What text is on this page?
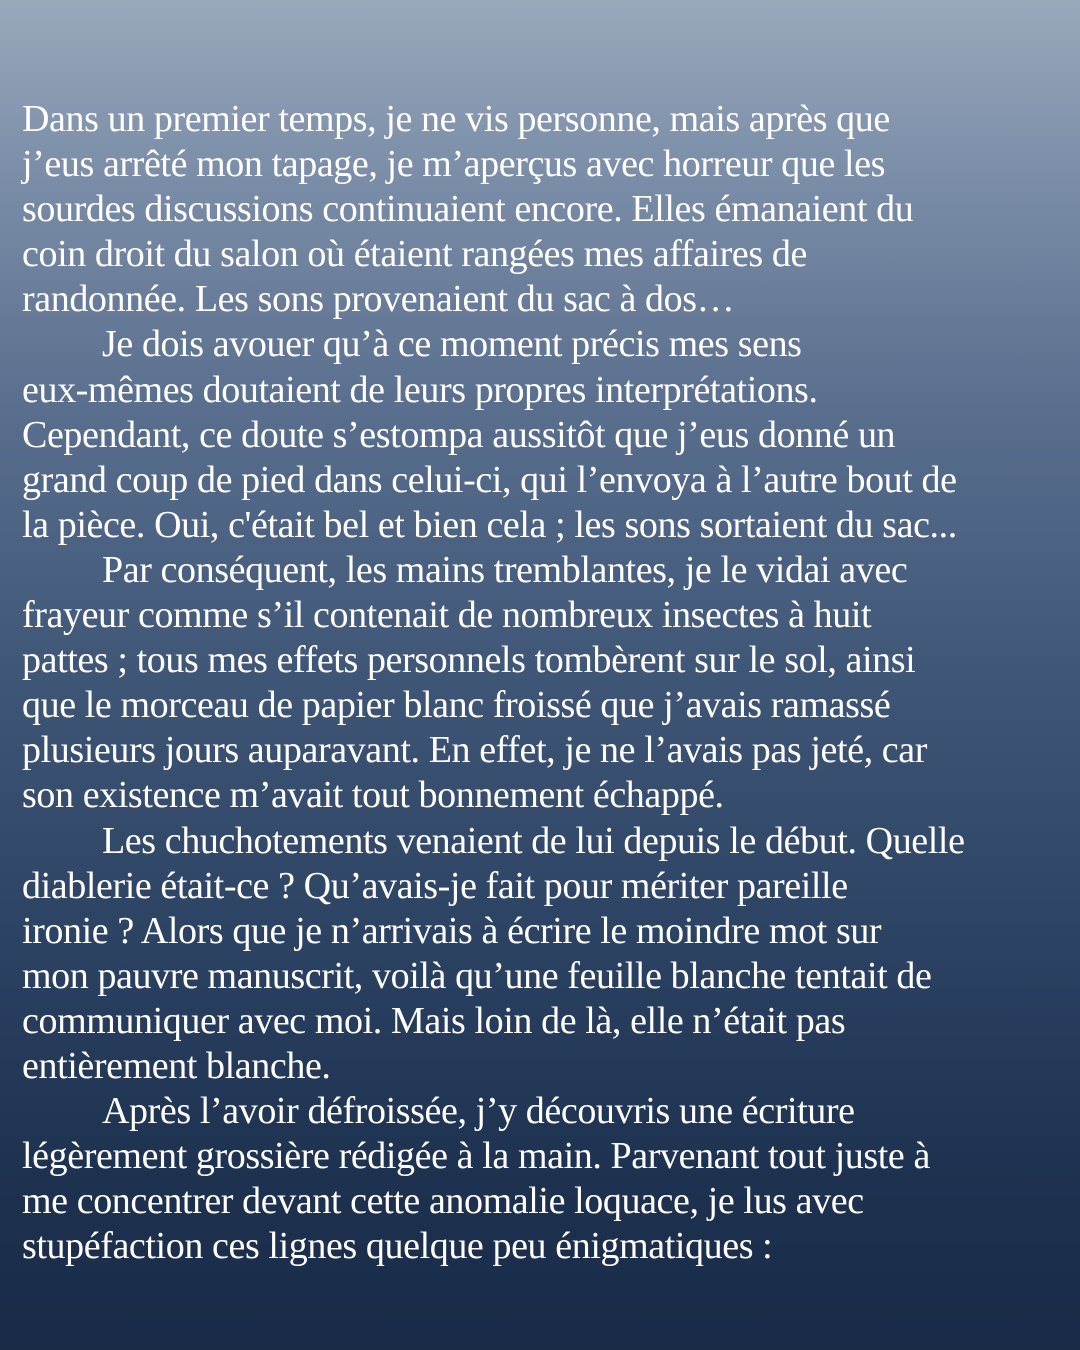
Dans un premier temps, je ne vis personne, mais après que
j’eus arrêté mon tapage, je m’aperçus avec horreur que les
sourdes discussions continuaient encore. Elles émanaient du
coin droit du salon où étaient rangées mes affaires de
randonnée. Les sons provenaient du sac à dos…
Je dois avouer qu’à ce moment précis mes sens
eux-mêmes doutaient de leurs propres interprétations.
Cependant, ce doute s’estompa aussitôt que j’eus donné un
grand coup de pied dans celui-ci, qui l’envoya à l’autre bout de
la pièce. Oui, c'était bel et bien cela ; les sons sortaient du sac...
Par conséquent, les mains tremblantes, je le vidai avec
frayeur comme s’il contenait de nombreux insectes à huit
pattes ; tous mes effets personnels tombèrent sur le sol, ainsi
que le morceau de papier blanc froissé que j’avais ramassé
plusieurs jours auparavant. En effet, je ne l’avais pas jeté, car
son existence m’avait tout bonnement échappé.
Les chuchotements venaient de lui depuis le début. Quelle
diablerie était-ce ? Qu’avais-je fait pour mériter pareille
ironie ? Alors que je n’arrivais à écrire le moindre mot sur
mon pauvre manuscrit, voilà qu’une feuille blanche tentait de
communiquer avec moi. Mais loin de là, elle n’était pas
entièrement blanche.
Après l’avoir défroissée, j’y découvris une écriture
légèrement grossière rédigée à la main. Parvenant tout juste à
me concentrer devant cette anomalie loquace, je lus avec
stupéfaction ces lignes quelque peu énigmatiques :
